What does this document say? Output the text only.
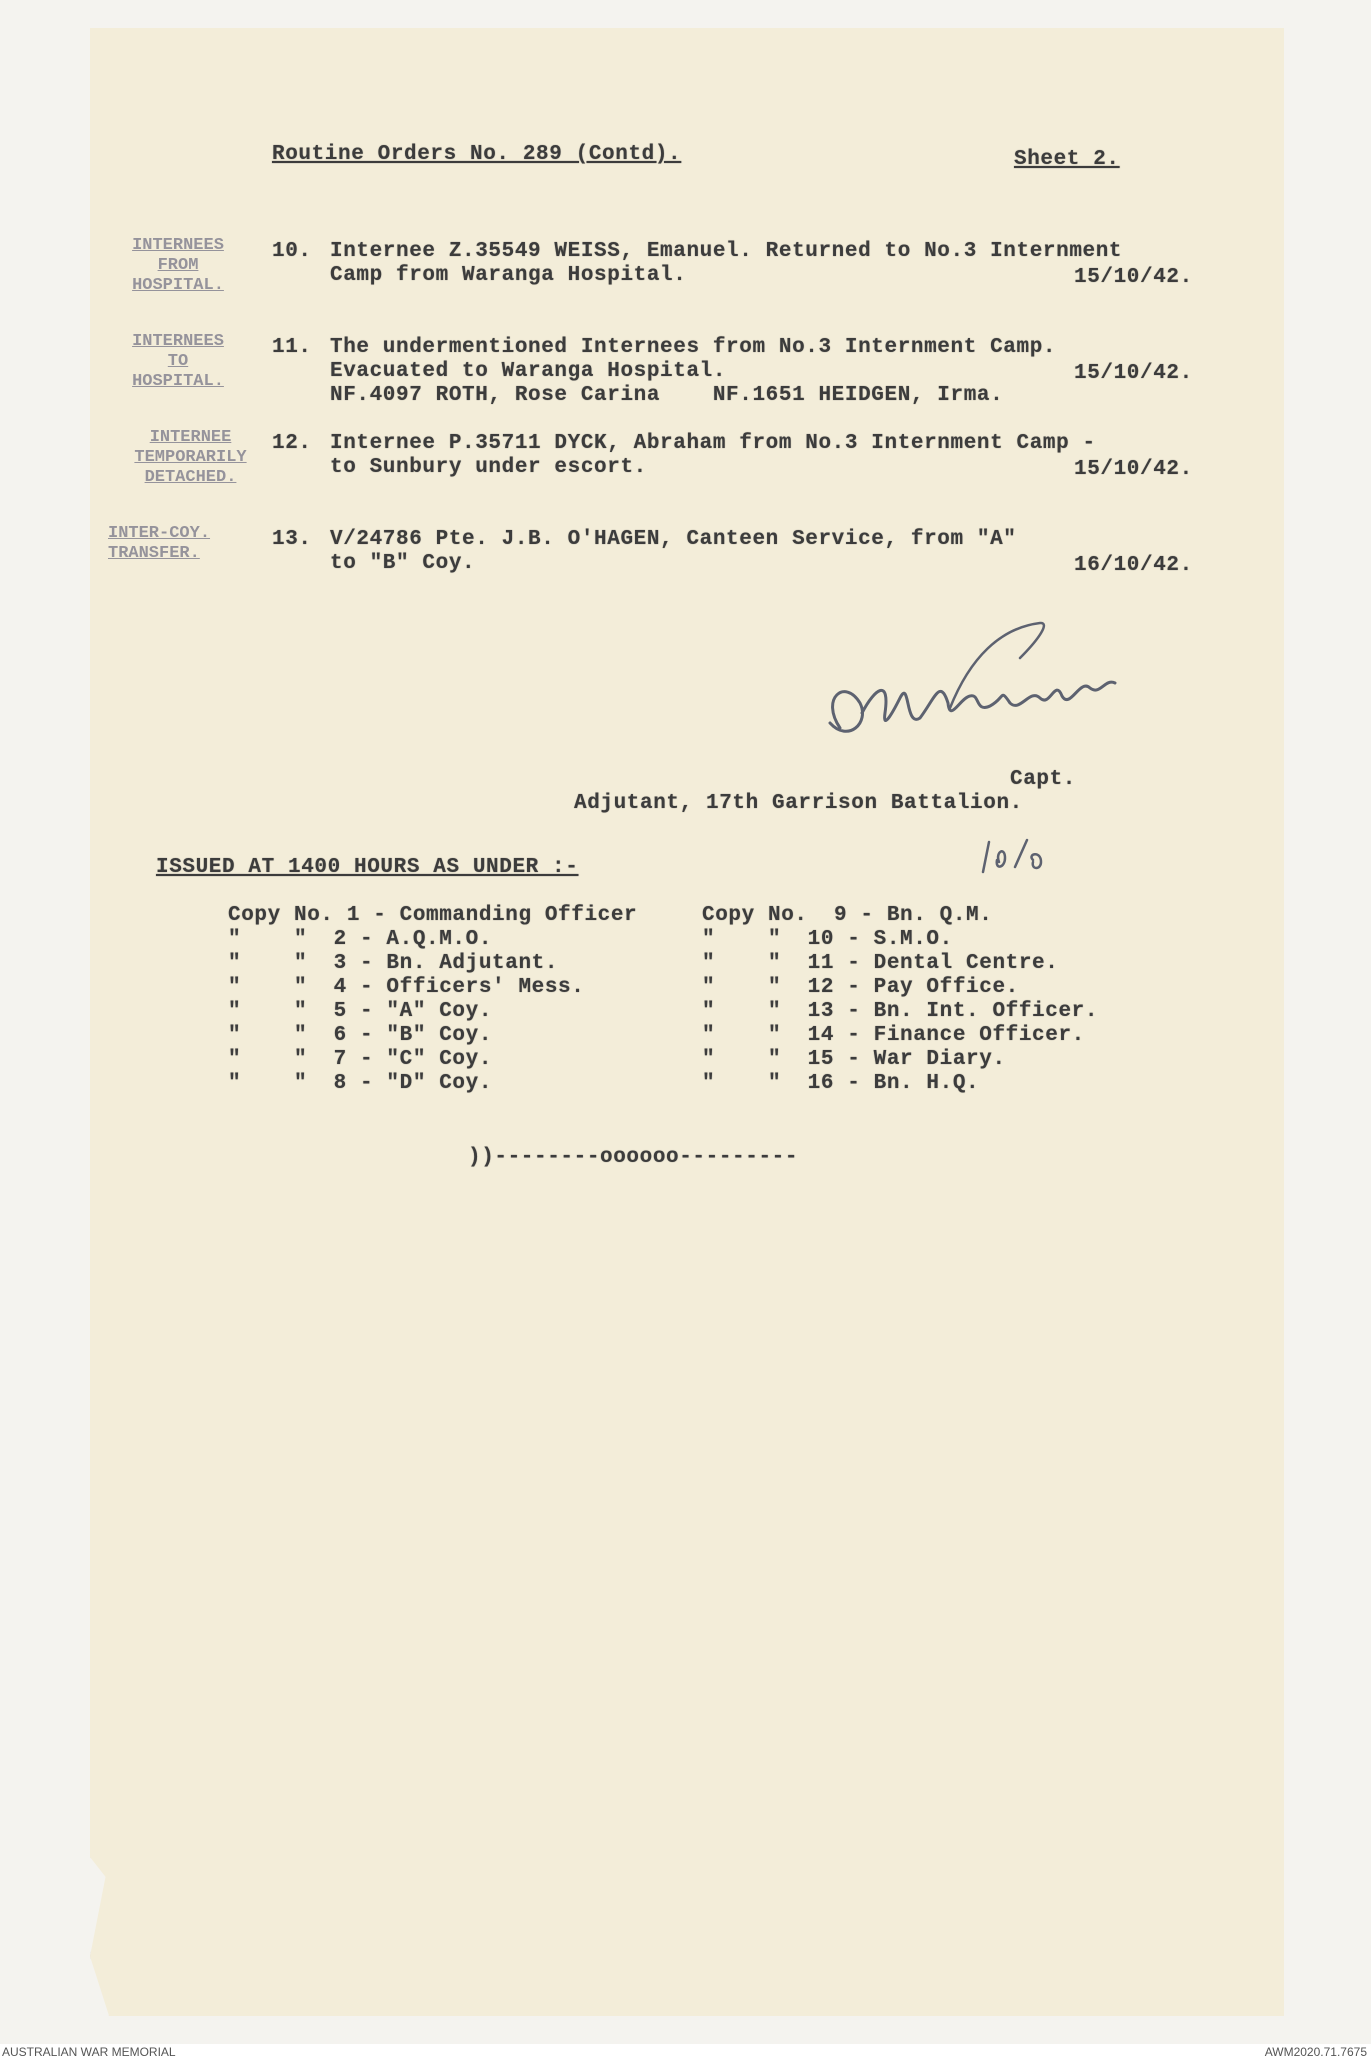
Routine Orders No. 289 (Contd).	Sheet 2.
INTERNEES
FROM
HOSPITAL.
10. Internee Z.35549 WEISS, Emanuel. Returned to No.3 Internment
Camp from Waranga Hospital.	15/10/42.
INTERNEES
TO
HOSPITAL.
11. The undermentioned Internees from No.3 Internment Camp.
Evacuated to Waranga Hospital.	15/10/42.
NF.4097 ROTH, Rose Carina    NF.1651 HEIDGEN, Irma.
INTERNEE
TEMPORARILY
DETACHED.
12. Internee P.35711 DYCK, Abraham from No.3 Internment Camp -
to Sunbury under escort.	15/10/42.
INTER-COY.
TRANSFER.
13. V/24786 Pte. J.B. O'HAGEN, Canteen Service, from "A"
to "B" Coy.	16/10/42.
Capt.
Adjutant, 17th Garrison Battalion.
ISSUED AT 1400 HOURS AS UNDER :-
Copy No. 1 - Commanding Officer
"    "  2 - A.Q.M.O.
"    "  3 - Bn. Adjutant.
"    "  4 - Officers' Mess.
"    "  5 - "A" Coy.
"    "  6 - "B" Coy.
"    "  7 - "C" Coy.
"    "  8 - "D" Coy.
Copy No.  9 - Bn. Q.M.
"    "  10 - S.M.O.
"    "  11 - Dental Centre.
"    "  12 - Pay Office.
"    "  13 - Bn. Int. Officer.
"    "  14 - Finance Officer.
"    "  15 - War Diary.
"    "  16 - Bn. H.Q.
))--------oooooo---------
AUSTRALIAN WAR MEMORIAL	AWM2020.71.7675
